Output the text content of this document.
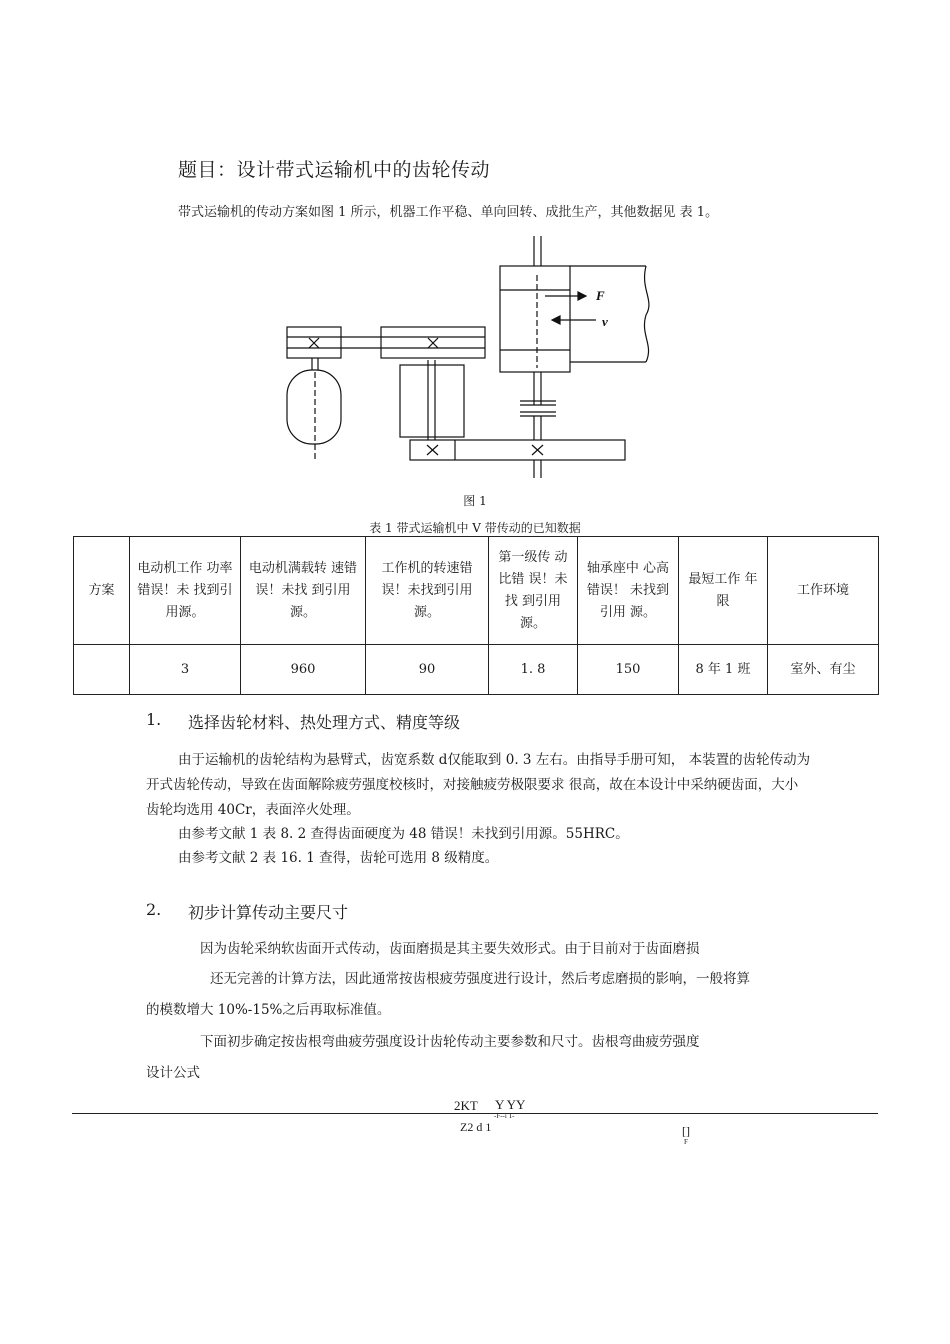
题目：设计带式运输机中的齿轮传动
带式运输机的传动方案如图 1 所示，机器工作平稳、单向回转、成批生产，其他数据见 表 1。
F
v
图 1
表 1 带式运输机中 V 带传动的已知数据
方案	电动机工作 功率错误！未 找到引用源。	电动机满载转 速错误！未找 到引用源。	工作机的转速错误！未找到引用源。	第一级传 动比错 误！未找 到引用源。	轴承座中 心高错误！ 未找到引用 源。	最短工作 年限	工作环境
	3	960	90	1. 8	150	8 年 1 班	室外、有尘
1. 选择齿轮材料、热处理方式、精度等级
由于运输机的齿轮结构为悬臂式，齿宽系数 d仅能取到 0. 3 左右。由指导手册可知， 本装置的齿轮传动为
开式齿轮传动，导致在齿面解除疲劳强度校核时，对接触疲劳极限要求 很高，故在本设计中采纳硬齿面，大小
齿轮均选用 40Cr，表面淬火处理。
由参考文献 1 表 8. 2 查得齿面硬度为 48 错误！未找到引用源。55HRC。
由参考文献 2 表 16. 1 查得，齿轮可选用 8 级精度。
2. 初步计算传动主要尺寸
因为齿轮采纳软齿面开式传动，齿面磨损是其主要失效形式。由于目前对于齿面磨损
还无完善的计算方法，因此通常按齿根疲劳强度进行设计，然后考虑磨损的影响，一般将算
的模数增大 10%-15%之后再取标准值。
下面初步确定按齿根弯曲疲劳强度设计齿轮传动主要参数和尺寸。齿根弯曲疲劳强度
设计公式
2KT Y YY
-F--i T-
Z2 d 1	[]
F
